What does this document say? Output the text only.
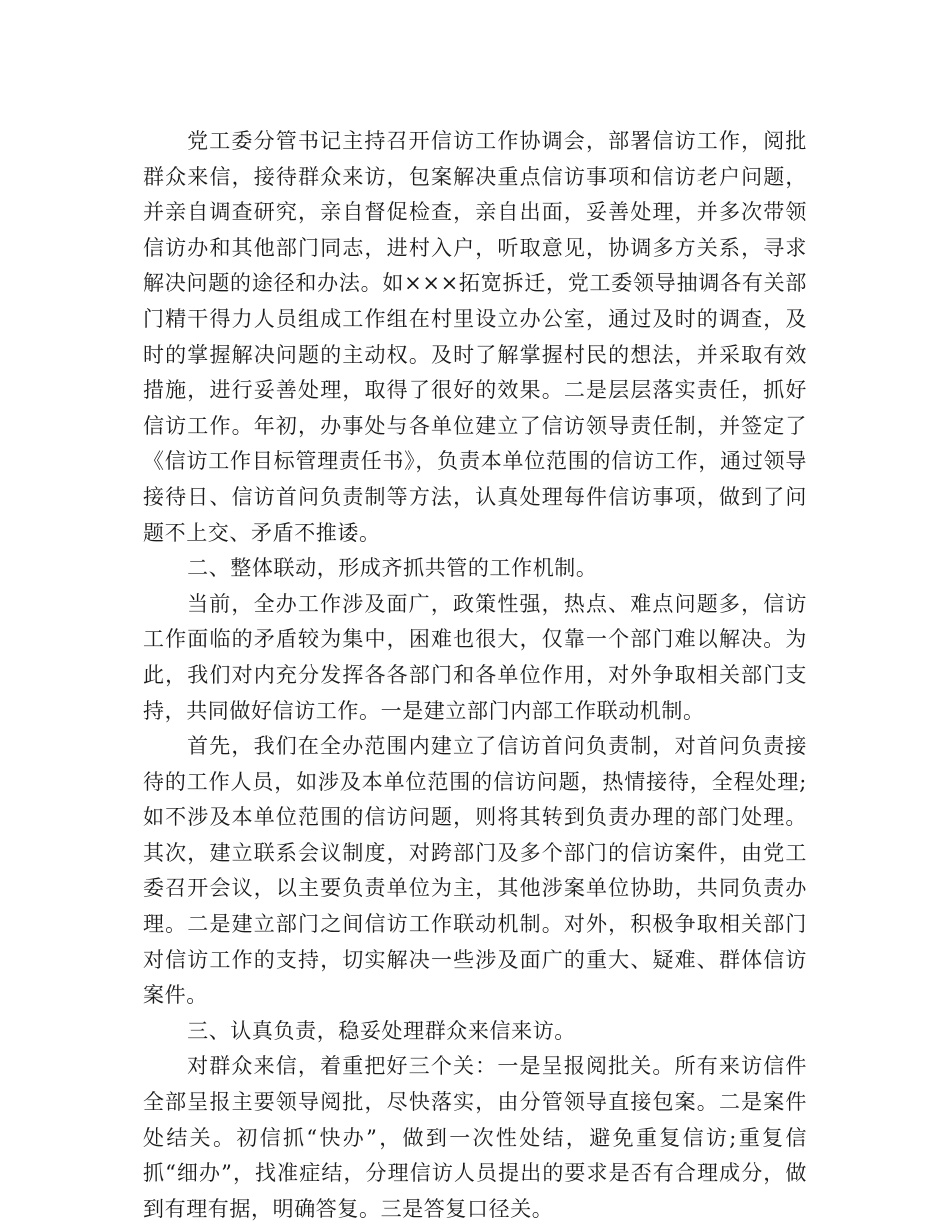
党工委分管书记主持召开信访工作协调会，部署信访工作，阅批群众来信，接待群众来访，包案解决重点信访事项和信访老户问题，并亲自调查研究，亲自督促检查，亲自出面，妥善处理，并多次带领信访办和其他部门同志，进村入户，听取意见，协调多方关系，寻求解决问题的途径和办法。如×××拓宽拆迁，党工委领导抽调各有关部门精干得力人员组成工作组在村里设立办公室，通过及时的调查，及时的掌握解决问题的主动权。及时了解掌握村民的想法，并采取有效措施，进行妥善处理，取得了很好的效果。二是层层落实责任，抓好信访工作。年初，办事处与各单位建立了信访领导责任制，并签定了《信访工作目标管理责任书》，负责本单位范围的信访工作，通过领导接待日、信访首问负责制等方法，认真处理每件信访事项，做到了问题不上交、矛盾不推诿。

二、整体联动，形成齐抓共管的工作机制。

当前，全办工作涉及面广，政策性强，热点、难点问题多，信访工作面临的矛盾较为集中，困难也很大，仅靠一个部门难以解决。为此，我们对内充分发挥各各部门和各单位作用，对外争取相关部门支持，共同做好信访工作。一是建立部门内部工作联动机制。

首先，我们在全办范围内建立了信访首问负责制，对首问负责接待的工作人员，如涉及本单位范围的信访问题，热情接待，全程处理;如不涉及本单位范围的信访问题，则将其转到负责办理的部门处理。其次，建立联系会议制度，对跨部门及多个部门的信访案件，由党工委召开会议，以主要负责单位为主，其他涉案单位协助，共同负责办理。二是建立部门之间信访工作联动机制。对外，积极争取相关部门对信访工作的支持，切实解决一些涉及面广的重大、疑难、群体信访案件。

三、认真负责，稳妥处理群众来信来访。

对群众来信，着重把好三个关：一是呈报阅批关。所有来访信件全部呈报主要领导阅批，尽快落实，由分管领导直接包案。二是案件处结关。初信抓“快办”，做到一次性处结，避免重复信访;重复信抓“细办”，找准症结，分理信访人员提出的要求是否有合理成分，做到有理有据，明确答复。三是答复口径关。
